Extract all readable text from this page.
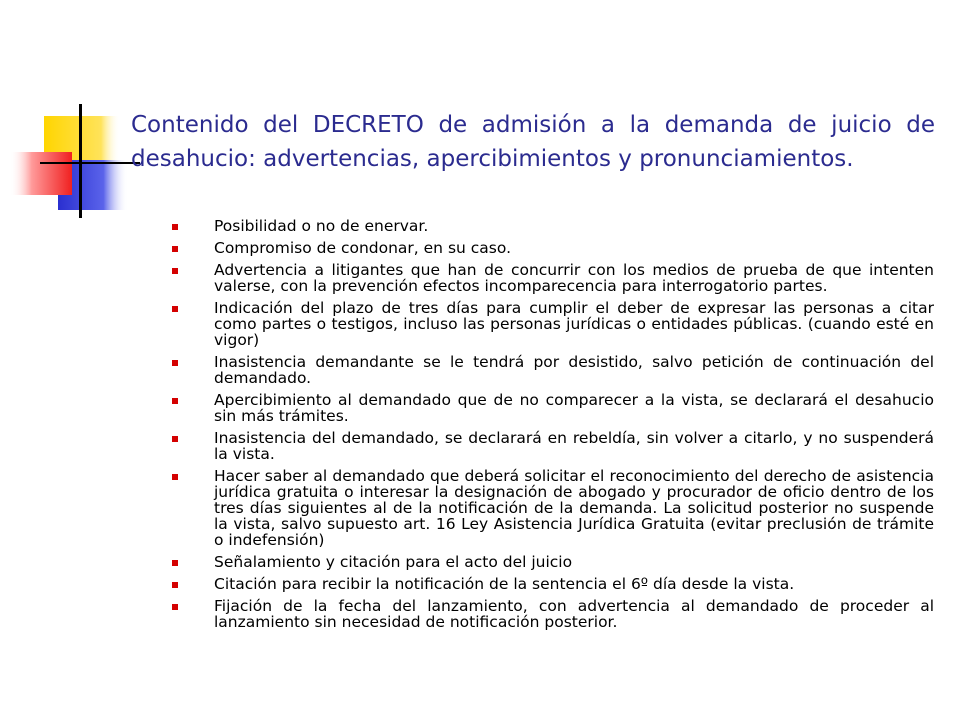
Contenido del DECRETO de admisión a la demanda de juicio de desahucio: advertencias, apercibimientos y pronunciamientos.
Posibilidad o no de enervar.
Compromiso de condonar, en su caso.
Advertencia a litigantes que han de concurrir con los medios de prueba de que intenten valerse, con la prevención efectos incomparecencia para interrogatorio partes.
Indicación del plazo de tres días para cumplir el deber de expresar las personas a citar como partes o testigos, incluso las personas jurídicas o entidades públicas. (cuando esté en vigor)
Inasistencia demandante se le tendrá por desistido, salvo petición de continuación del demandado.
Apercibimiento al demandado que de no comparecer a la vista, se declarará el desahucio sin más trámites.
Inasistencia del demandado, se declarará en rebeldía, sin volver a citarlo, y no suspenderá la vista.
Hacer saber al demandado que deberá solicitar el reconocimiento del derecho de asistencia jurídica gratuita o interesar la designación de abogado y procurador de oficio dentro de los tres días siguientes al de la notificación de la demanda. La solicitud posterior no suspende la vista, salvo supuesto art. 16 Ley Asistencia Jurídica Gratuita (evitar preclusión de trámite o indefensión)
Señalamiento y citación para el acto del juicio
Citación para recibir la notificación de la sentencia el 6º día desde la vista.
Fijación de la fecha del lanzamiento, con advertencia al demandado de proceder al lanzamiento sin necesidad de notificación posterior.
